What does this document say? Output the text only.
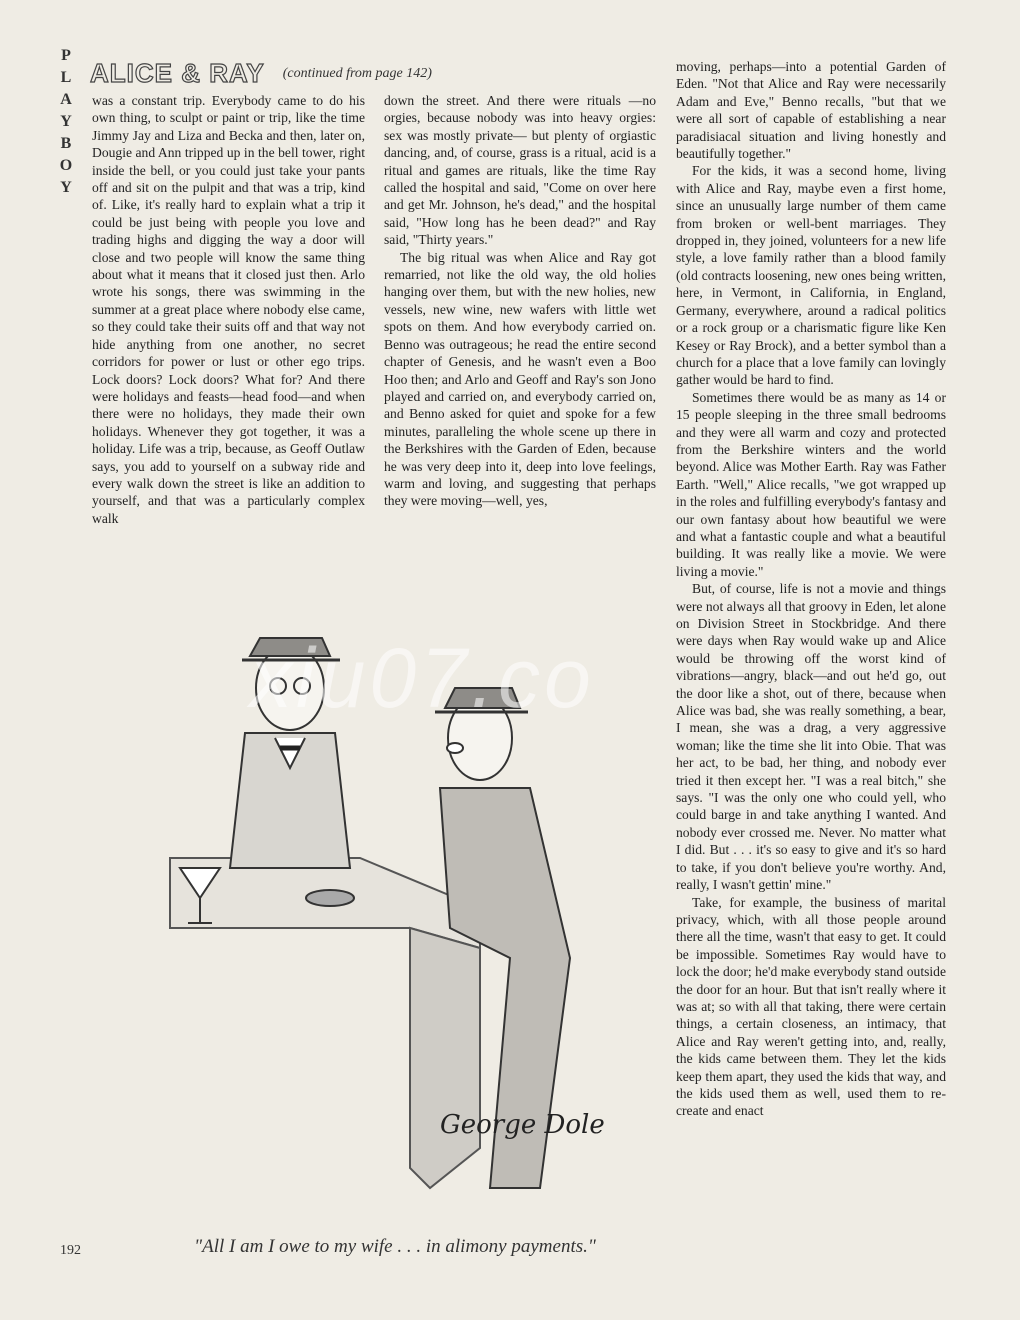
P
L
A
Y
B
O
Y
ALICE & RAY (continued from page 142)

was a constant trip. Everybody came to do his own thing, to sculpt or paint or trip, like the time Jimmy Jay and Liza and Becka and then, later on, Dougie and Ann tripped up in the bell tower, right inside the bell, or you could just take your pants off and sit on the pulpit and that was a trip, kind of. Like, it's really hard to explain what a trip it could be just being with people you love and trading highs and digging the way a door will close and two people will know the same thing about what it means that it closed just then. Arlo wrote his songs, there was swimming in the summer at a great place where nobody else came, so they could take their suits off and that way not hide anything from one another, no secret corridors for power or lust or other ego trips. Lock doors? Lock doors? What for? And there were holidays and feasts—head food—and when there were no holidays, they made their own holidays. Whenever they got together, it was a holiday. Life was a trip, because, as Geoff Outlaw says, you add to yourself on a subway ride and every walk down the street is like an addition to yourself, and that was a particularly complex walk

down the street. And there were rituals —no orgies, because nobody was into heavy orgies: sex was mostly private— but plenty of orgiastic dancing, and, of course, grass is a ritual, acid is a ritual and games are rituals, like the time Ray called the hospital and said, "Come on over here and get Mr. Johnson, he's dead," and the hospital said, "How long has he been dead?" and Ray said, "Thirty years."

The big ritual was when Alice and Ray got remarried, not like the old way, the old holies hanging over them, but with the new holies, new vessels, new wine, new wafers with little wet spots on them. And how everybody carried on. Benno was outrageous; he read the entire second chapter of Genesis, and he wasn't even a Boo Hoo then; and Arlo and Geoff and Ray's son Jono played and carried on, and everybody carried on, and Benno asked for quiet and spoke for a few minutes, paralleling the whole scene up there in the Berkshires with the Garden of Eden, because he was very deep into it, deep into love feelings, warm and loving, and suggesting that perhaps they were moving—well, yes,

moving, perhaps—into a potential Garden of Eden. "Not that Alice and Ray were necessarily Adam and Eve," Benno recalls, "but that we were all sort of capable of establishing a near paradisiacal situation and living honestly and beautifully together."

For the kids, it was a second home, living with Alice and Ray, maybe even a first home, since an unusually large number of them came from broken or well-bent marriages. They dropped in, they joined, volunteers for a new life style, a love family rather than a blood family (old contracts loosening, new ones being written, here, in Vermont, in California, in England, Germany, everywhere, around a radical politics or a rock group or a charismatic figure like Ken Kesey or Ray Brock), and a better symbol than a church for a place that a love family can lovingly gather would be hard to find.

Sometimes there would be as many as 14 or 15 people sleeping in the three small bedrooms and they were all warm and cozy and protected from the Berkshire winters and the world beyond. Alice was Mother Earth. Ray was Father Earth. "Well," Alice recalls, "we got wrapped up in the roles and fulfilling everybody's fantasy and our own fantasy about how beautiful we were and what a fantastic couple and what a beautiful building. It was really like a movie. We were living a movie."

But, of course, life is not a movie and things were not always all that groovy in Eden, let alone on Division Street in Stockbridge. And there were days when Ray would wake up and Alice would be throwing off the worst kind of vibrations—angry, black—and out he'd go, out the door like a shot, out of there, because when Alice was bad, she was really something, a bear, I mean, she was a drag, a very aggressive woman; like the time she lit into Obie. That was her act, to be bad, her thing, and nobody ever tried it then except her. "I was a real bitch," she says. "I was the only one who could yell, who could barge in and take anything I wanted. And nobody ever crossed me. Never. No matter what I did. But . . . it's so easy to give and it's so hard to take, if you don't believe you're worthy. And, really, I wasn't gettin' mine."

Take, for example, the business of marital privacy, which, with all those people around there all the time, wasn't that easy to get. It could be impossible. Sometimes Ray would have to lock the door; he'd make everybody stand outside the door for an hour. But that isn't really where it was at; so with all that taking, there were certain things, a certain closeness, an intimacy, that Alice and Ray weren't getting into, and, really, the kids came between them. They let the kids keep them apart, they used the kids that way, and the kids used them as well, used them to re-create and enact

George Dole
xiu07.co
192	"All I am I owe to my wife . . . in alimony payments."
